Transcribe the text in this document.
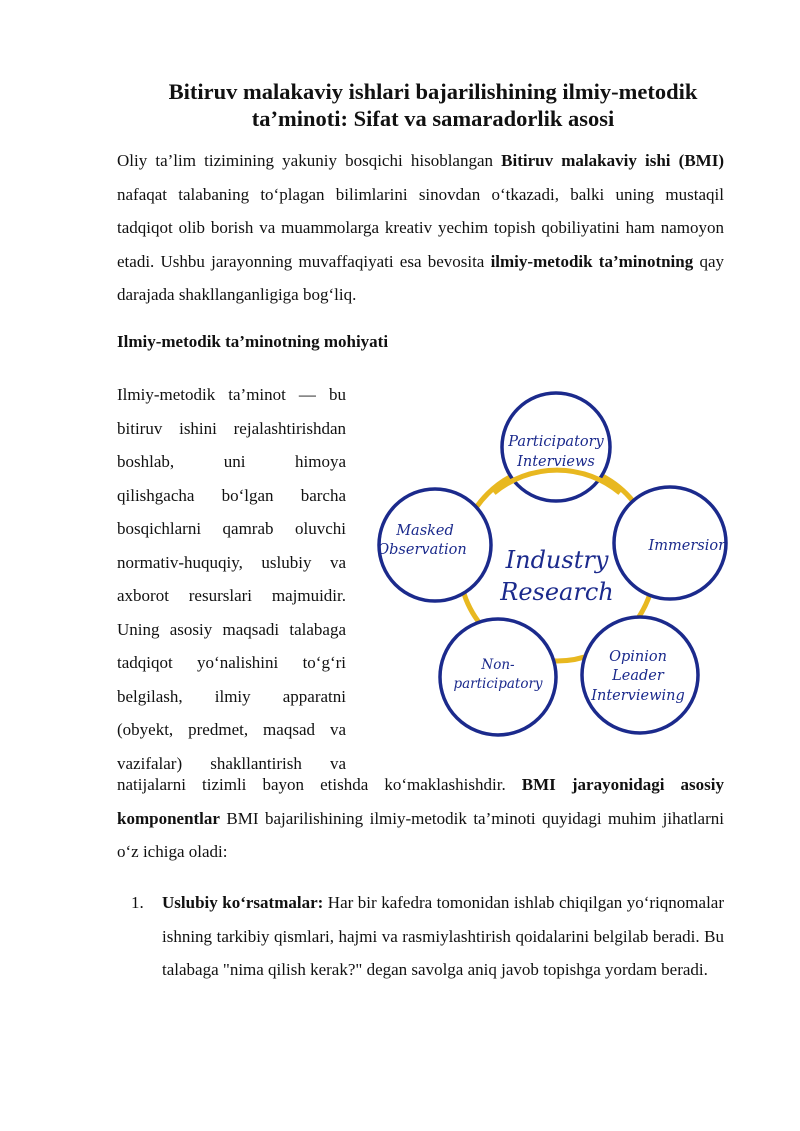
Bitiruv malakaviy ishlari bajarilishining ilmiy-metodik
ta’minoti: Sifat va samaradorlik asosi
Oliy ta’lim tizimining yakuniy bosqichi hisoblangan Bitiruv malakaviy ishi (BMI) nafaqat talabaning to‘plagan bilimlarini sinovdan o‘tkazadi, balki uning mustaqil tadqiqot olib borish va muammolarga kreativ yechim topish qobiliyatini ham namoyon etadi. Ushbu jarayonning muvaffaqiyati esa bevosita ilmiy-metodik ta’minotning qay darajada shakllanganligiga bog‘liq.
Ilmiy-metodik ta’minotning mohiyati
Ilmiy-metodik ta’minot — bu
bitiruv ishini rejalashtirishdan
boshlab, uni himoya
qilishgacha bo‘lgan barcha
bosqichlarni qamrab oluvchi
normativ-huquqiy, uslubiy va
axborot resurslari majmuidir.
Uning asosiy maqsadi talabaga
tadqiqot yo‘nalishini to‘g‘ri
belgilash, ilmiy apparatni
(obyekt, predmet, maqsad va
vazifalar) shakllantirish va
Industry
Research
Participatory
Interviews
Immersion
Opinion
Leader
Interviewing
Non-
participatory
Masked
Observation
natijalarni tizimli bayon etishda ko‘maklashishdir. BMI jarayonidagi asosiy komponentlar BMI bajarilishining ilmiy-metodik ta’minoti quyidagi muhim jihatlarni o‘z ichiga oladi:
1. Uslubiy ko‘rsatmalar: Har bir kafedra tomonidan ishlab chiqilgan yo‘riqnomalar ishning tarkibiy qismlari, hajmi va rasmiylashtirish qoidalarini belgilab beradi. Bu talabaga "nima qilish kerak?" degan savolga aniq javob topishga yordam beradi.
